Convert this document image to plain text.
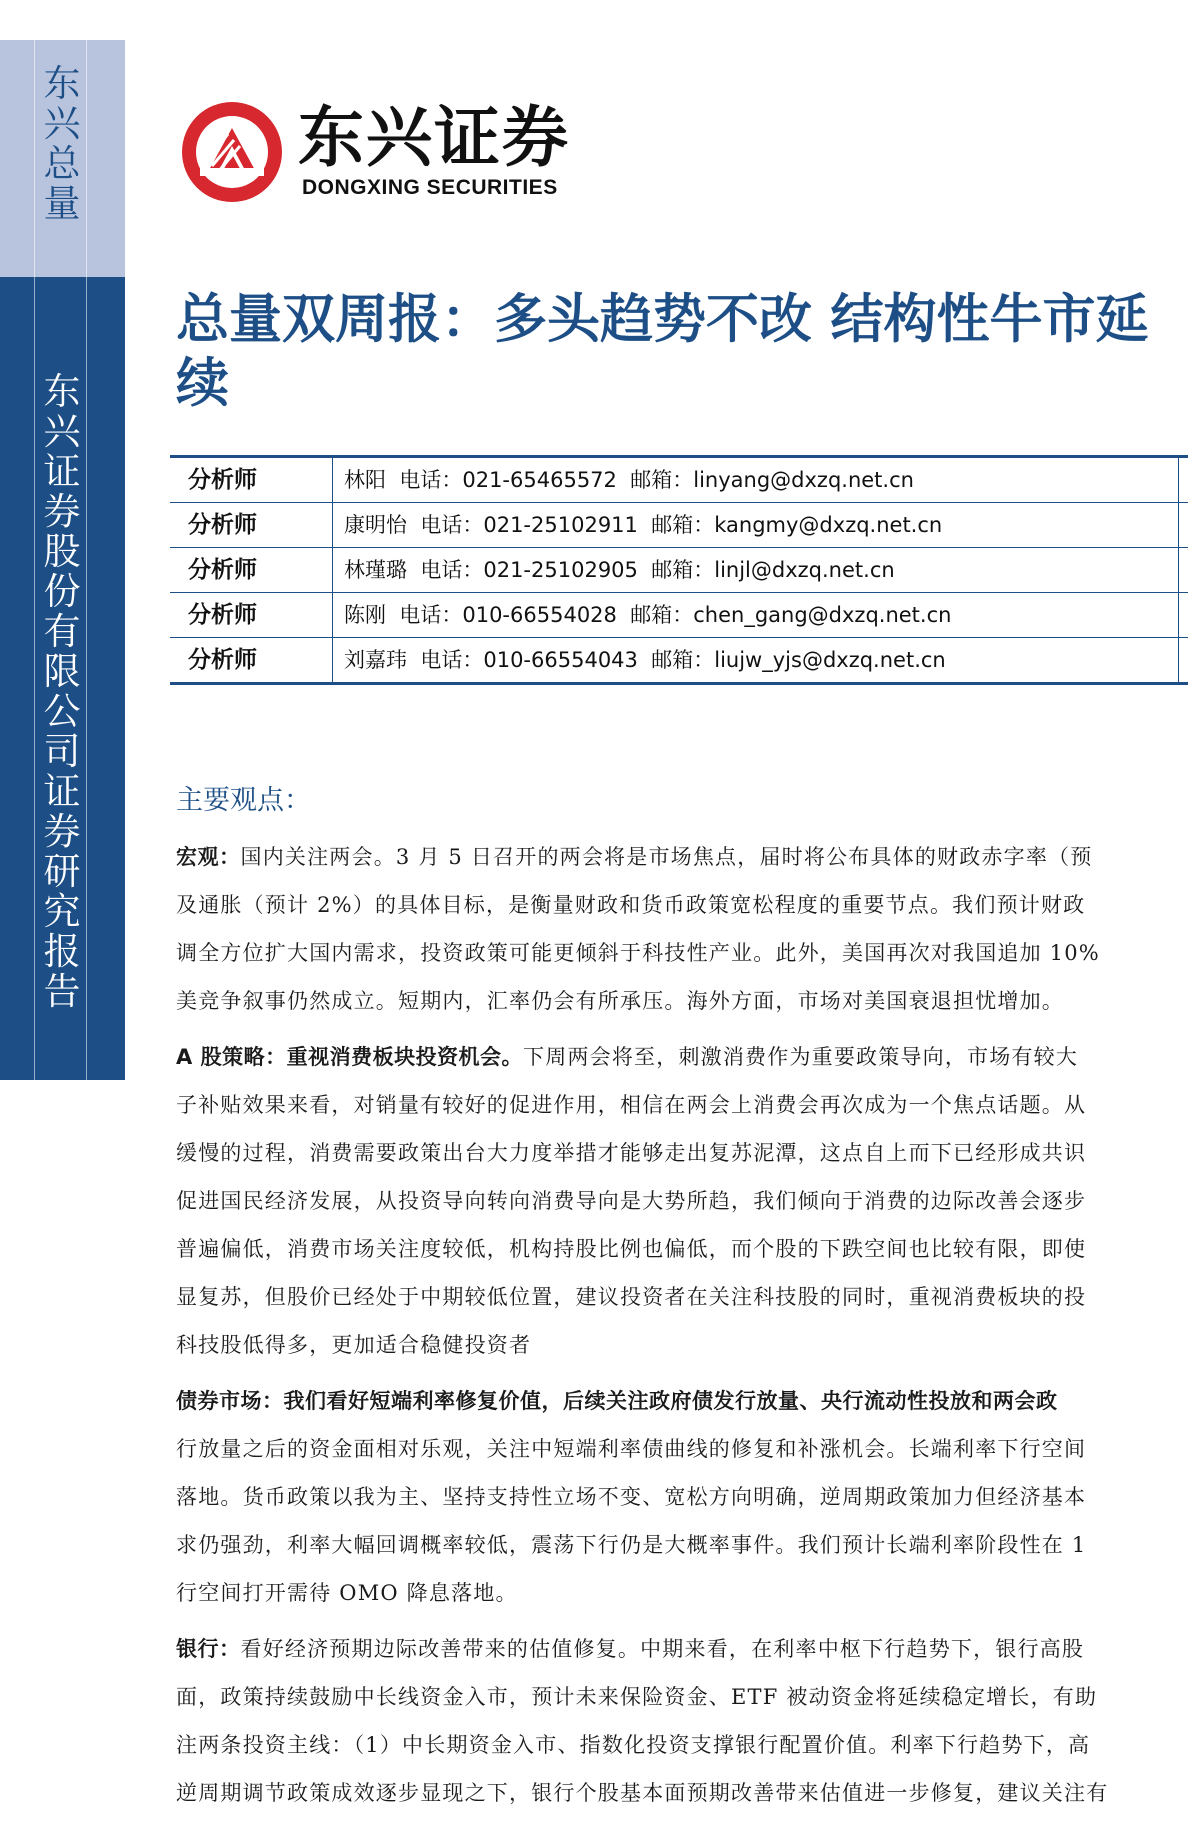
东兴总量
东兴证券股份有限公司证券研究报告
东兴证券
DONGXING SECURITIES
总量双周报：多头趋势不改 结构性牛市延续
分析师	林阳  电话：021-65465572  邮箱：linyang@dxzq.net.cn
分析师	康明怡  电话：021-25102911  邮箱：kangmy@dxzq.net.cn
分析师	林瑾璐  电话：021-25102905  邮箱：linjl@dxzq.net.cn
分析师	陈刚  电话：010-66554028  邮箱：chen_gang@dxzq.net.cn
分析师	刘嘉玮  电话：010-66554043  邮箱：liujw_yjs@dxzq.net.cn
主要观点：
宏观：国内关注两会。3 月 5 日召开的两会将是市场焦点，届时将公布具体的财政赤字率（预
及通胀（预计 2%）的具体目标，是衡量财政和货币政策宽松程度的重要节点。我们预计财政
调全方位扩大国内需求，投资政策可能更倾斜于科技性产业。此外，美国再次对我国追加 10%
美竞争叙事仍然成立。短期内，汇率仍会有所承压。海外方面，市场对美国衰退担忧增加。
A 股策略：重视消费板块投资机会。下周两会将至，刺激消费作为重要政策导向，市场有较大
子补贴效果来看，对销量有较好的促进作用，相信在两会上消费会再次成为一个焦点话题。从
缓慢的过程，消费需要政策出台大力度举措才能够走出复苏泥潭，这点自上而下已经形成共识
促进国民经济发展，从投资导向转向消费导向是大势所趋，我们倾向于消费的边际改善会逐步
普遍偏低，消费市场关注度较低，机构持股比例也偏低，而个股的下跌空间也比较有限，即使
显复苏，但股价已经处于中期较低位置，建议投资者在关注科技股的同时，重视消费板块的投
科技股低得多，更加适合稳健投资者
债券市场：我们看好短端利率修复价值，后续关注政府债发行放量、央行流动性投放和两会政
行放量之后的资金面相对乐观，关注中短端利率债曲线的修复和补涨机会。长端利率下行空间
落地。货币政策以我为主、坚持支持性立场不变、宽松方向明确，逆周期政策加力但经济基本
求仍强劲，利率大幅回调概率较低，震荡下行仍是大概率事件。我们预计长端利率阶段性在 1
行空间打开需待 OMO 降息落地。
银行：看好经济预期边际改善带来的估值修复。中期来看，在利率中枢下行趋势下，银行高股
面，政策持续鼓励中长线资金入市，预计未来保险资金、ETF 被动资金将延续稳定增长，有助
注两条投资主线：（1）中长期资金入市、指数化投资支撑银行配置价值。利率下行趋势下，高
逆周期调节政策成效逐步显现之下，银行个股基本面预期改善带来估值进一步修复，建议关注有
